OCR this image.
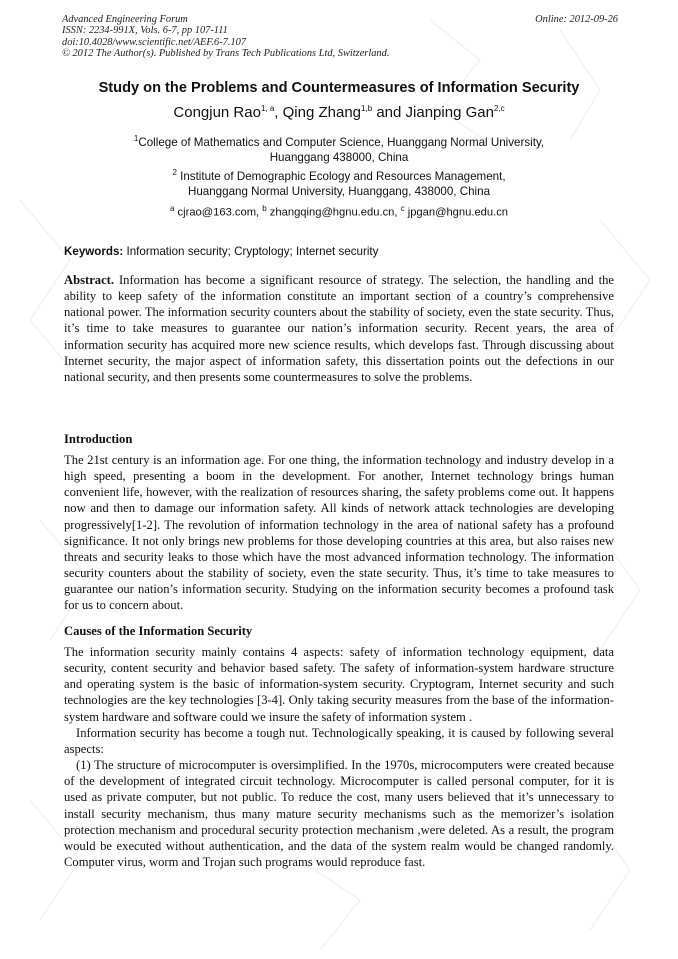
Advanced Engineering Forum
ISSN: 2234-991X, Vols. 6-7, pp 107-111
doi:10.4028/www.scientific.net/AEF.6-7.107
© 2012 The Author(s). Published by Trans Tech Publications Ltd, Switzerland.
Online: 2012-09-26
Study on the Problems and Countermeasures of Information Security
Congjun Rao$^{1, a}$, Qing Zhang$^{1,b}$ and Jianping Gan$^{2,c}$
$^1$College of Mathematics and Computer Science, Huanggang Normal University,
Huanggang 438000, China
$^2$ Institute of Demographic Ecology and Resources Management,
Huanggang Normal University, Huanggang, 438000, China
$^a$ cjrao@163.com, $^b$ zhangqing@hgnu.edu.cn, $^c$ jpgan@hgnu.edu.cn
Keywords: Information security; Cryptology; Internet security
Abstract. Information has become a significant resource of strategy. The selection, the handling and the ability to keep safety of the information constitute an important section of a country’s comprehensive national power. The information security counters about the stability of society, even the state security. Thus, it’s time to take measures to guarantee our nation’s information security. Recent years, the area of information security has acquired more new science results, which develops fast. Through discussing about Internet security, the major aspect of information safety, this dissertation points out the defections in our national security, and then presents some countermeasures to solve the problems.
Introduction
The 21st century is an information age. For one thing, the information technology and industry develop in a high speed, presenting a boom in the development. For another, Internet technology brings human convenient life, however, with the realization of resources sharing, the safety problems come out. It happens now and then to damage our information safety. All kinds of network attack technologies are developing progressively[1-2]. The revolution of information technology in the area of national safety has a profound significance. It not only brings new problems for those developing countries at this area, but also raises new threats and security leaks to those which have the most advanced information technology. The information security counters about the stability of society, even the state security. Thus, it’s time to take measures to guarantee our nation’s information security. Studying on the information security becomes a profound task for us to concern about.
Causes of the Information Security

The information security mainly contains 4 aspects: safety of information technology equipment, data security, content security and behavior based safety. The safety of information-system hardware structure and operating system is the basic of information-system security. Cryptogram, Internet security and such technologies are the key technologies [3-4]. Only taking security measures from the base of the information-system hardware and software could we insure the safety of information system .

Information security has become a tough nut. Technologically speaking, it is caused by following several aspects:

(1) The structure of microcomputer is oversimplified. In the 1970s, microcomputers were created because of the development of integrated circuit technology. Microcomputer is called personal computer, for it is used as private computer, but not public. To reduce the cost, many users believed that it’s unnecessary to install security mechanism, thus many mature security mechanisms such as the memorizer’s isolation protection mechanism and procedural security protection mechanism ,were deleted. As a result, the program would be executed without authentication, and the data of the system realm would be changed randomly. Computer virus, worm and Trojan such programs would reproduce fast.
